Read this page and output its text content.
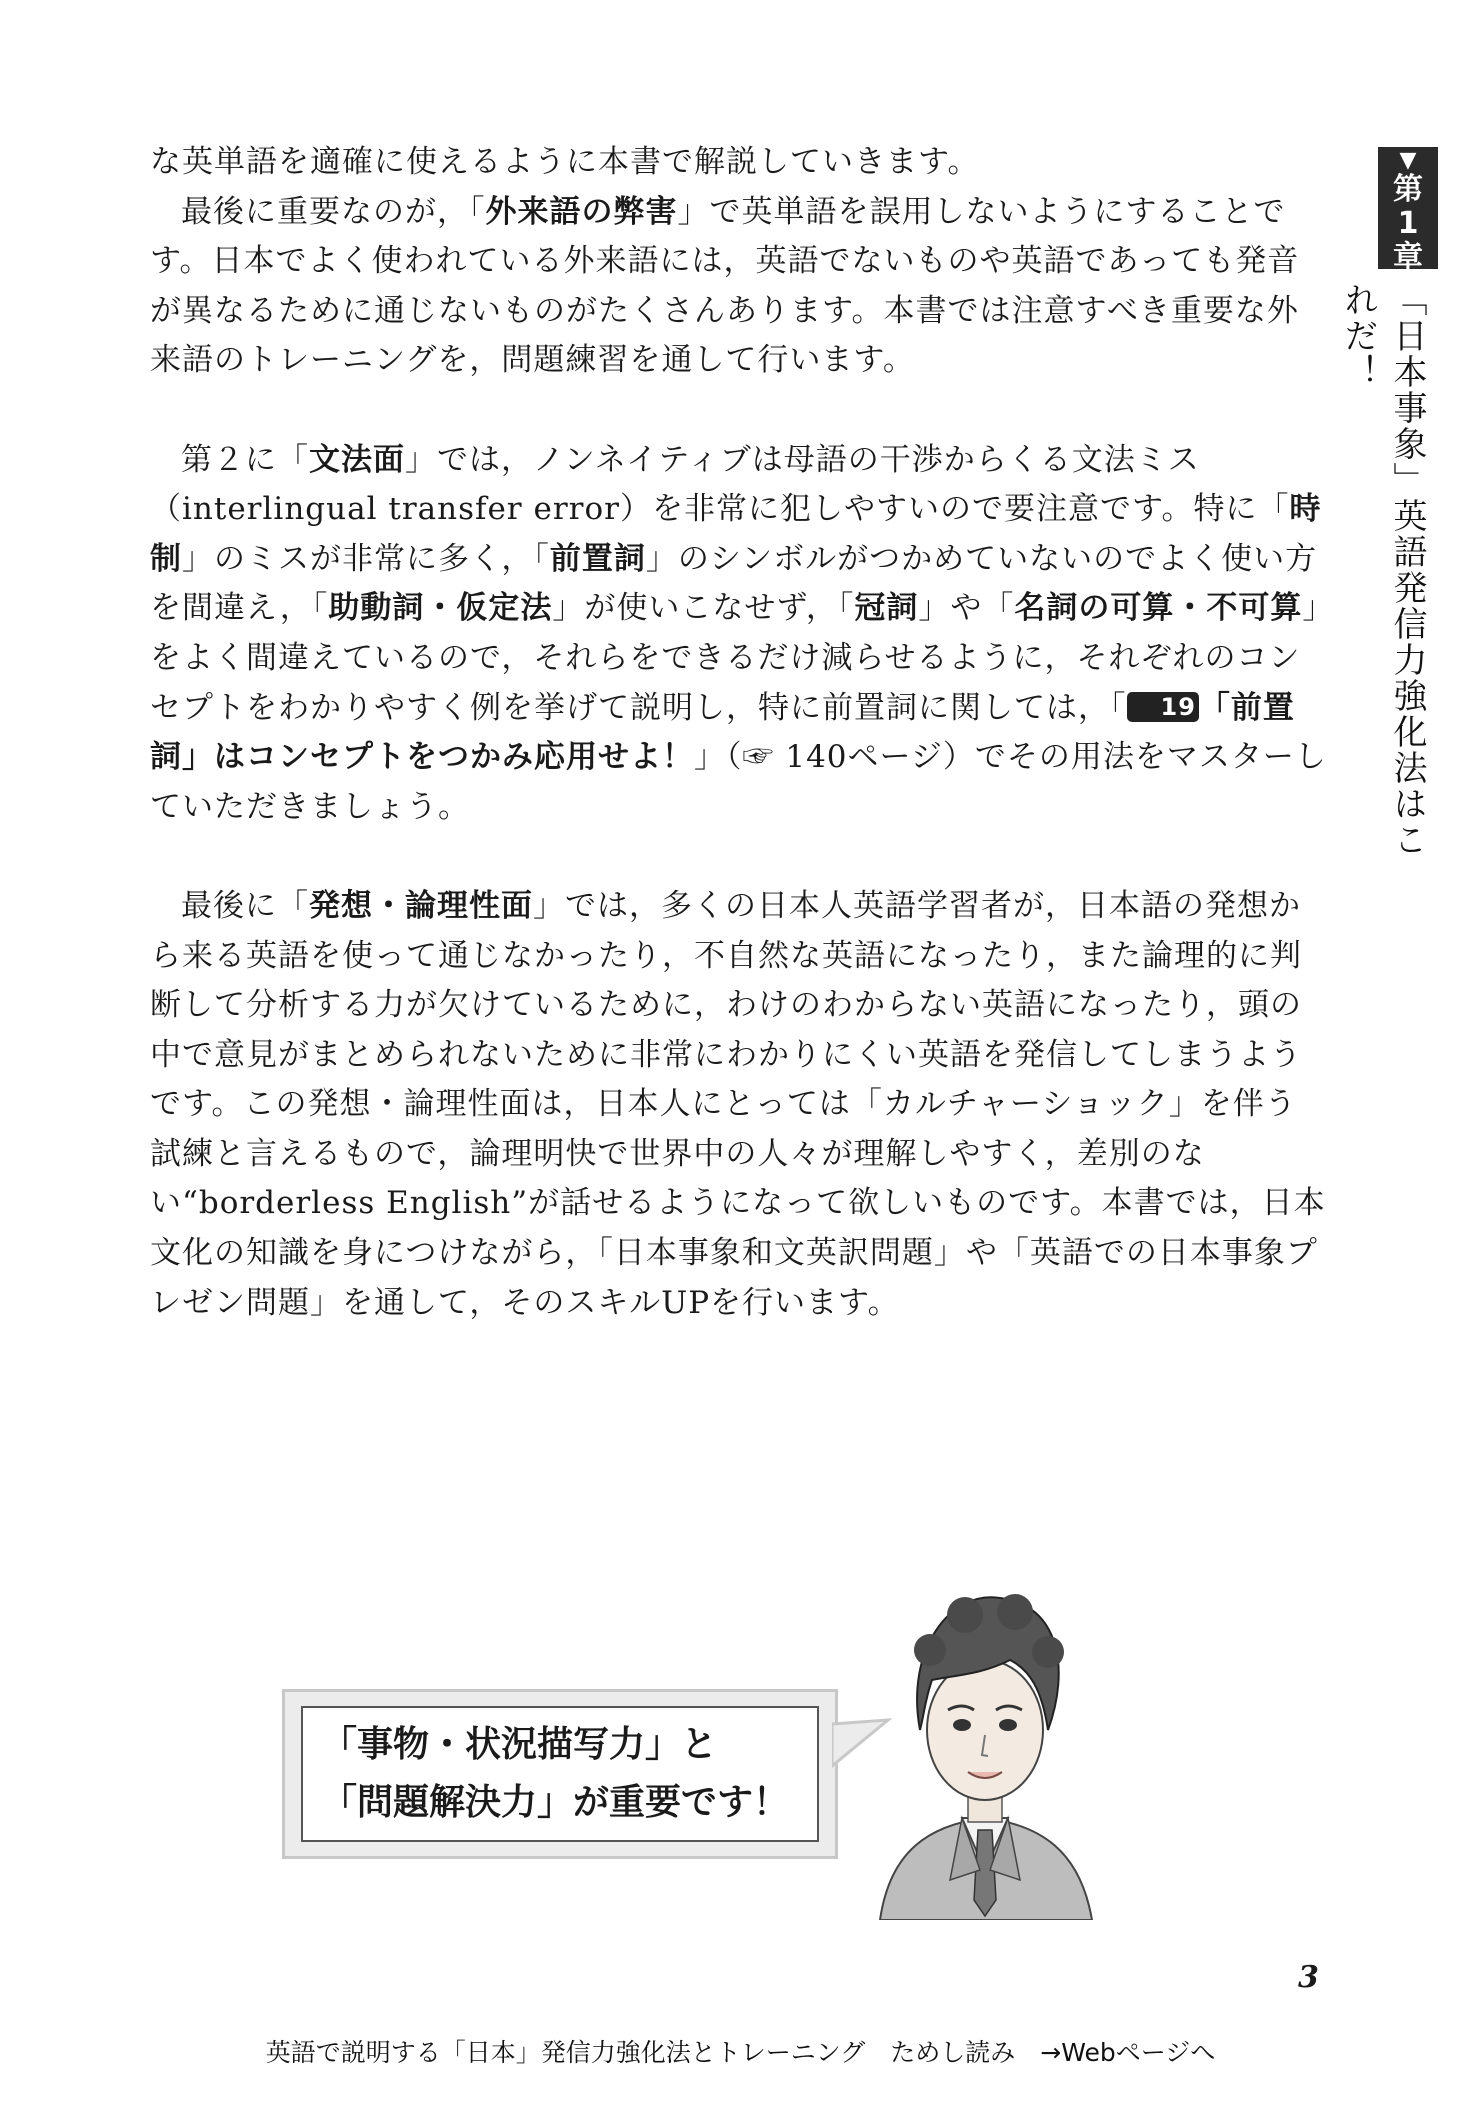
▼
第
1
章
「日本事象」英語発信力強化法はこれだ！

な英単語を適確に使えるように本書で解説していきます。

最後に重要なのが，「外来語の弊害」で英単語を誤用しないようにすることです。日本でよく使われている外来語には，英語でないものや英語であっても発音が異なるために通じないものがたくさんあります。本書では注意すべき重要な外来語のトレーニングを，問題練習を通して行います。

第２に「文法面」では，ノンネイティブは母語の干渉からくる文法ミス（interlingual transfer error）を非常に犯しやすいので要注意です。特に「時制」のミスが非常に多く，「前置詞」のシンボルがつかめていないのでよく使い方を間違え，「助動詞・仮定法」が使いこなせず，「冠詞」や「名詞の可算・不可算」をよく間違えているので，それらをできるだけ減らせるように，それぞれのコンセプトをわかりやすく例を挙げて説明し，特に前置詞に関しては，「 19「前置詞」はコンセプトをつかみ応用せよ！」（☞ 140ページ）でその用法をマスターしていただきましょう。

最後に「発想・論理性面」では，多くの日本人英語学習者が，日本語の発想から来る英語を使って通じなかったり，不自然な英語になったり，また論理的に判断して分析する力が欠けているために，わけのわからない英語になったり，頭の中で意見がまとめられないために非常にわかりにくい英語を発信してしまうようです。この発想・論理性面は，日本人にとっては「カルチャーショック」を伴う試練と言えるもので，論理明快で世界中の人々が理解しやすく，差別のない“borderless English”が話せるようになって欲しいものです。本書では，日本文化の知識を身につけながら，「日本事象和文英訳問題」や「英語での日本事象プレゼン問題」を通して，そのスキルUPを行います。

「事物・状況描写力」と
「問題解決力」が重要です！
3
英語で説明する「日本」発信力強化法とトレーニング　ためし読み　→Webページへ
